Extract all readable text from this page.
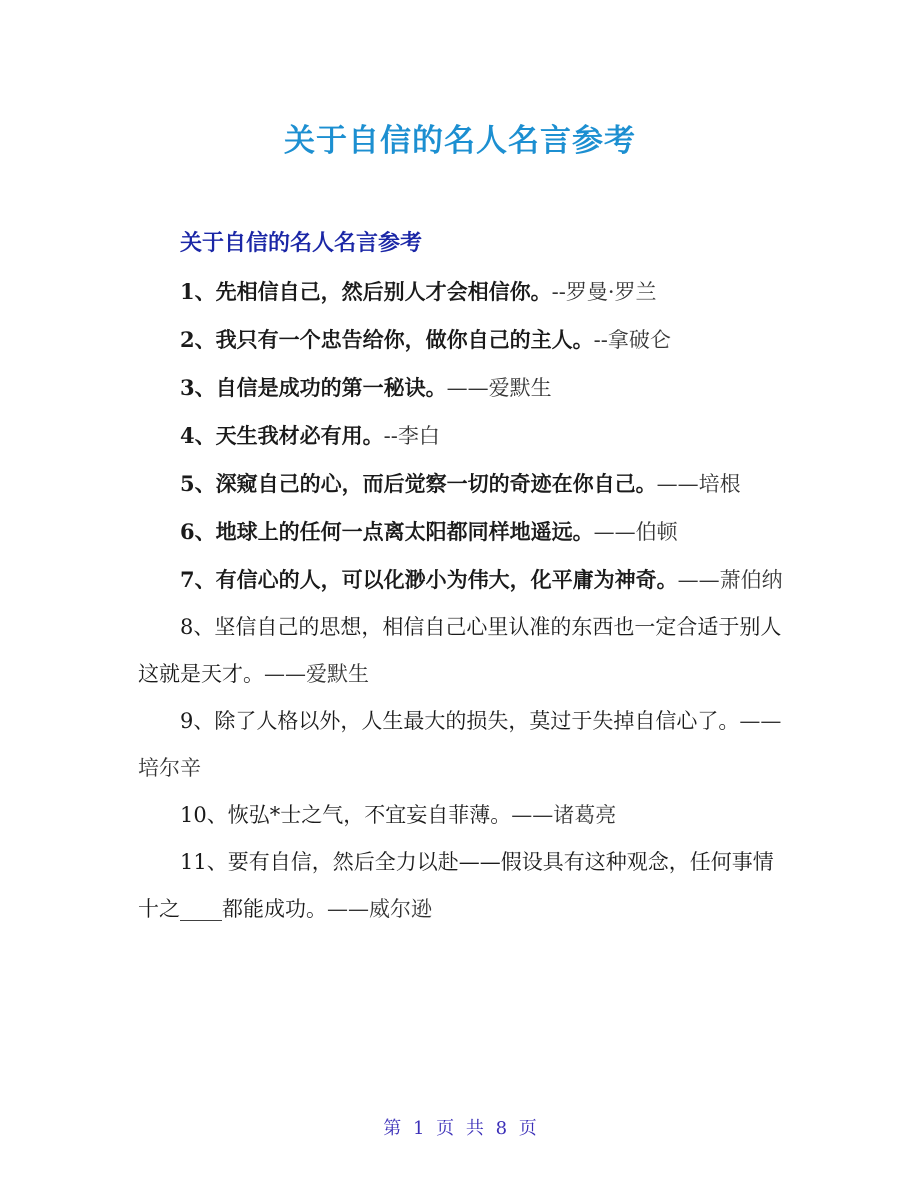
关于自信的名人名言参考
关于自信的名人名言参考
1、先相信自己，然后别人才会相信你。--罗曼·罗兰
2、我只有一个忠告给你，做你自己的主人。--拿破仑
3、自信是成功的第一秘诀。——爱默生
4、天生我材必有用。--李白
5、深窥自己的心，而后觉察一切的奇迹在你自己。——培根
6、地球上的任何一点离太阳都同样地遥远。——伯顿
7、有信心的人，可以化渺小为伟大，化平庸为神奇。——萧伯纳
8、坚信自己的思想，相信自己心里认准的东西也一定合适于别人这就是天才。——爱默生
9、除了人格以外，人生最大的损失，莫过于失掉自信心了。——培尔辛
10、恢弘*士之气，不宜妄自菲薄。——诸葛亮
11、要有自信，然后全力以赴——假设具有这种观念，任何事情十之____都能成功。——威尔逊
第 1 页 共 8 页
